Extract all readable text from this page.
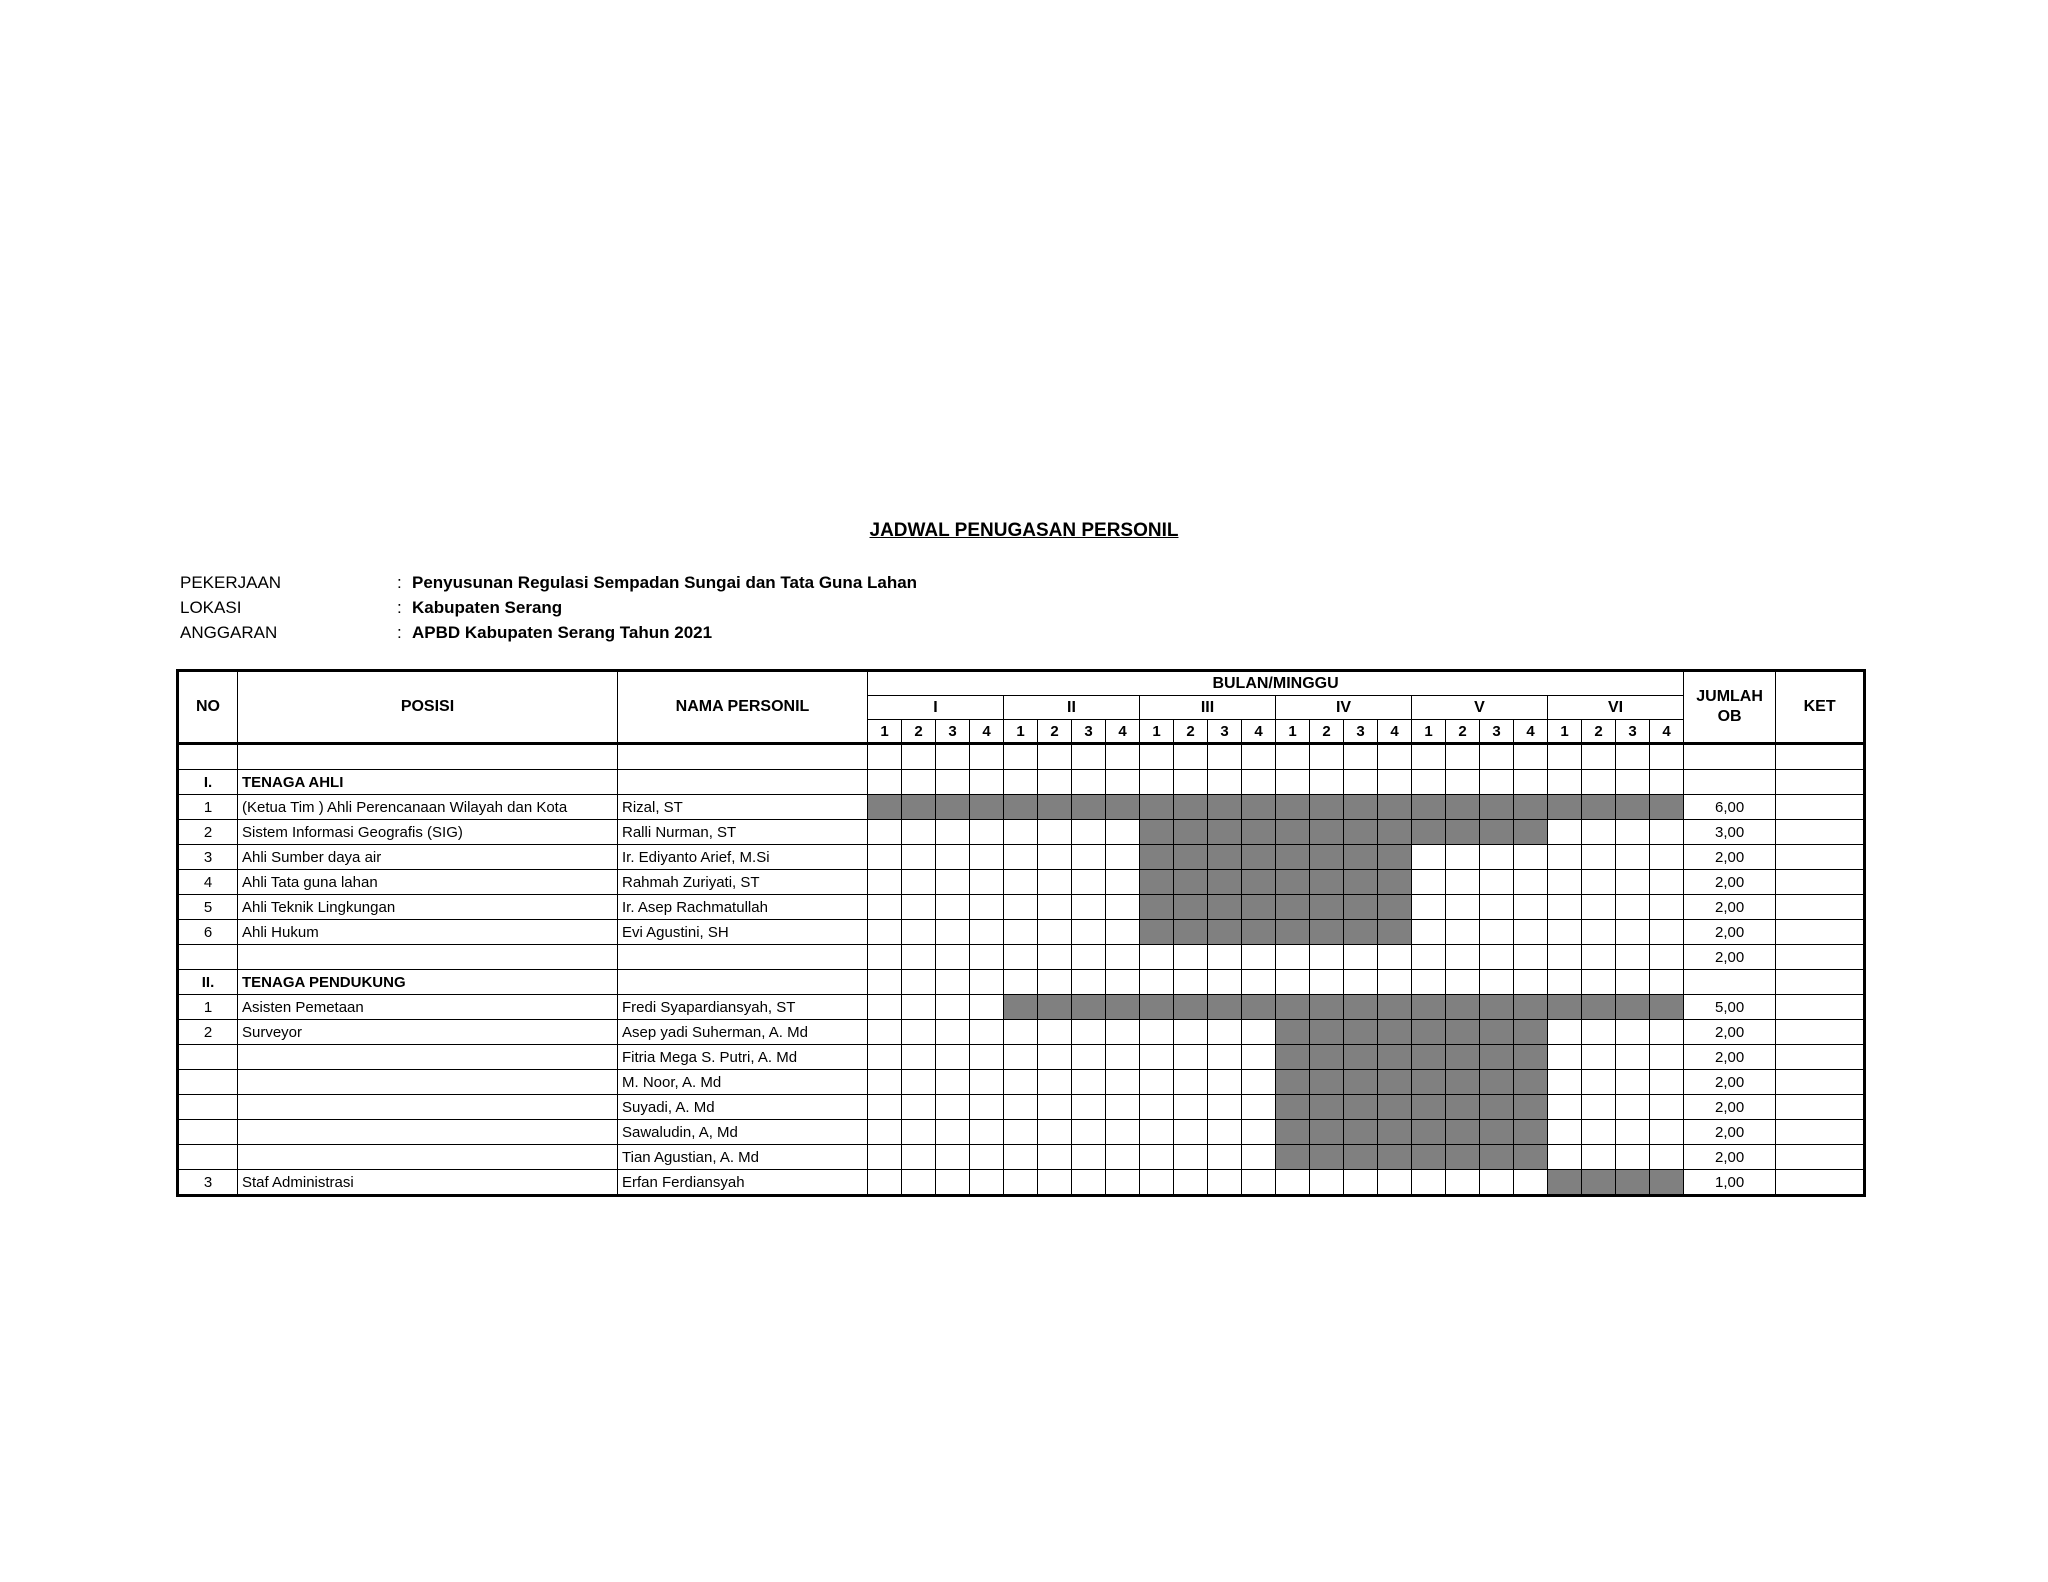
JADWAL PENUGASAN PERSONIL
PEKERJAAN	: Penyusunan Regulasi Sempadan Sungai dan Tata Guna Lahan
LOKASI	: Kabupaten Serang
ANGGARAN	: APBD Kabupaten Serang Tahun 2021
NO	POSISI	NAMA PERSONIL	BULAN/MINGGU																								JUMLAH OB	KET
			I				II				III				IV				V				VI					
			1	2	3	4	1	2	3	4	1	2	3	4	1	2	3	4	1	2	3	4	1	2	3	4		

I.	TENAGA AHLI																											
1	(Ketua Tim ) Ahli Perencanaan Wilayah dan Kota	Rizal, ST																									6,00	
2	Sistem Informasi Geografis (SIG)	Ralli Nurman, ST																									3,00	
3	Ahli Sumber daya air	Ir. Ediyanto Arief, M.Si																									2,00	
4	Ahli Tata guna lahan	Rahmah Zuriyati, ST																									2,00	
5	Ahli Teknik Lingkungan	Ir. Asep Rachmatullah																									2,00	
6	Ahli Hukum	Evi Agustini, SH																									2,00	
																											2,00	
II.	TENAGA PENDUKUNG																											
1	Asisten Pemetaan	Fredi Syapardiansyah, ST																									5,00	
2	Surveyor	Asep yadi Suherman, A. Md																									2,00	
		Fitria Mega S. Putri, A. Md																									2,00	
		M. Noor, A. Md																									2,00	
		Suyadi, A. Md																									2,00	
		Sawaludin, A, Md																									2,00	
		Tian Agustian, A. Md																									2,00	
3	Staf Administrasi	Erfan Ferdiansyah																									1,00	
